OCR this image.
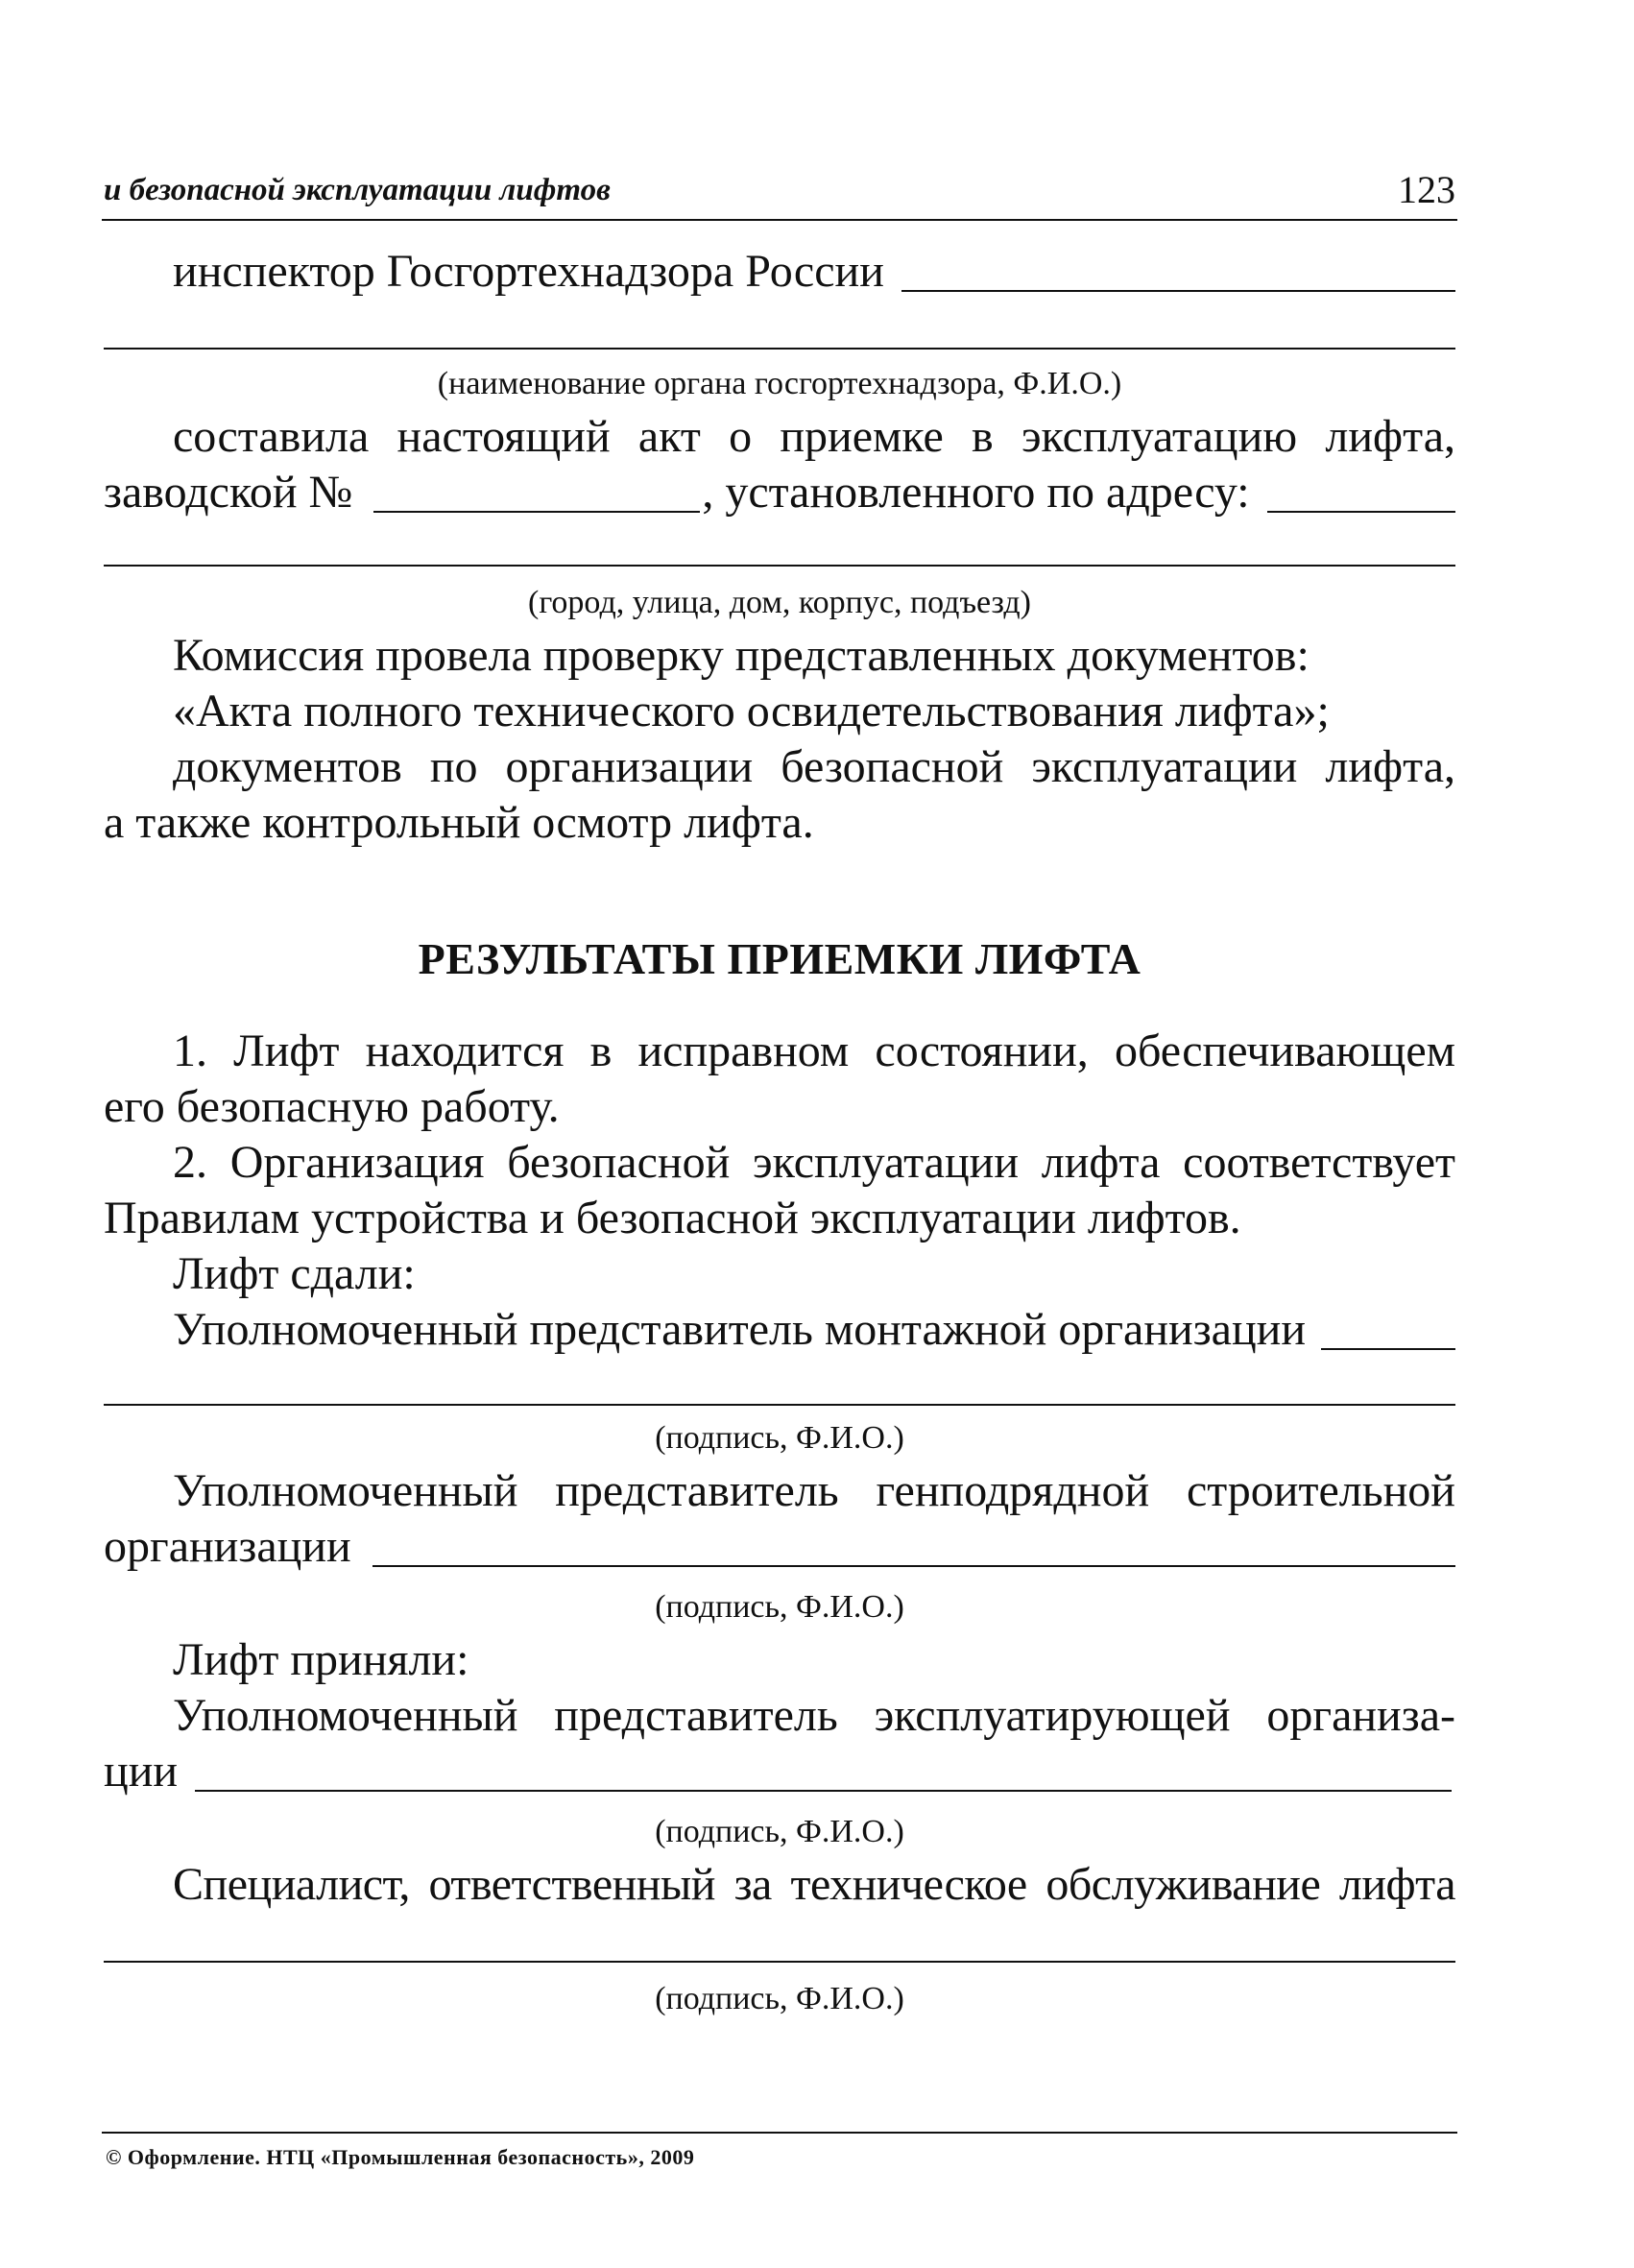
и безопасной эксплуатации лифтов	123
инспектор Госгортехнадзора России
(наименование органа госгортехнадзора, Ф.И.О.)
составила настоящий акт о приемке в эксплуатацию лифта,
заводской №	, установленного по адресу:
(город, улица, дом, корпус, подъезд)
Комиссия провела проверку представленных документов:
«Акта полного технического освидетельствования лифта»;
документов по организации безопасной эксплуатации лифта,
а также контрольный осмотр лифта.
РЕЗУЛЬТАТЫ ПРИЕМКИ ЛИФТА
1. Лифт находится в исправном состоянии, обеспечивающем
его безопасную работу.
2. Организация безопасной эксплуатации лифта соответствует
Правилам устройства и безопасной эксплуатации лифтов.
Лифт сдали:
Уполномоченный представитель монтажной организации
(подпись, Ф.И.О.)
Уполномоченный представитель генподрядной строительной
организации
(подпись, Ф.И.О.)
Лифт приняли:
Уполномоченный представитель эксплуатирующей организа-
ции
(подпись, Ф.И.О.)
Специалист, ответственный за техническое обслуживание лифта
(подпись, Ф.И.О.)
© Оформление. НТЦ «Промышленная безопасность», 2009
